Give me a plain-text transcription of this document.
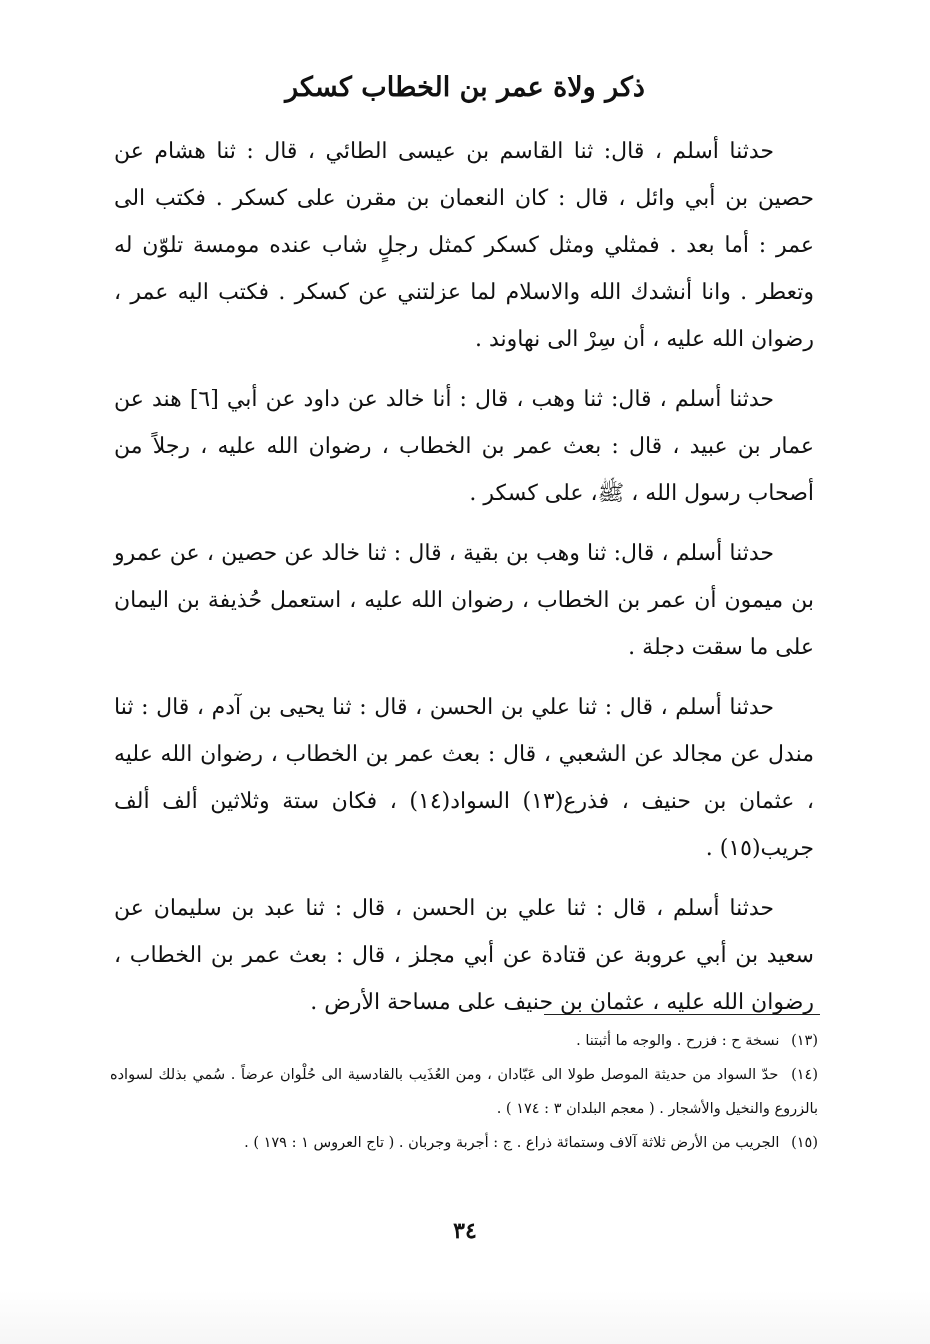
ذكر ولاة عمر بن الخطاب كسكر

حدثنا أسلم ، قال: ثنا القاسم بن عيسى الطائي ، قال : ثنا هشام عن حصين بن أبي وائل ، قال : كان النعمان بن مقرن على كسكر . فكتب الى عمر : أما بعد . فمثلي ومثل كسكر كمثل رجلٍ شاب عنده مومسة تلوّن له وتعطر . وانا أنشدك الله والاسلام لما عزلتني عن كسكر . فكتب اليه عمر ، رضوان الله عليه ، أن سِرْ الى نهاوند .

حدثنا أسلم ، قال: ثنا وهب ، قال : أنا خالد عن داود عن أبي [٦] هند عن عمار بن عبيد ، قال : بعث عمر بن الخطاب ، رضوان الله عليه ، رجلاً من أصحاب رسول الله ، ﷺ، على كسكر .

حدثنا أسلم ، قال: ثنا وهب بن بقية ، قال : ثنا خالد عن حصين ، عن عمرو بن ميمون أن عمر بن الخطاب ، رضوان الله عليه ، استعمل حُذيفة بن اليمان على ما سقت دجلة .

حدثنا أسلم ، قال : ثنا علي بن الحسن ، قال : ثنا يحيى بن آدم ، قال : ثنا مندل عن مجالد عن الشعبي ، قال : بعث عمر بن الخطاب ، رضوان الله عليه ، عثمان بن حنيف ، فذرع(١٣) السواد(١٤) ، فكان ستة وثلاثين ألف ألف جريب(١٥) .

حدثنا أسلم ، قال : ثنا علي بن الحسن ، قال : ثنا عبد بن سليمان عن سعيد بن أبي عروبة عن قتادة عن أبي مجلز ، قال : بعث عمر بن الخطاب ، رضوان الله عليه ، عثمان بن حنيف على مساحة الأرض .

(١٣) نسخة ح : فزرح . والوجه ما أثبتنا .

(١٤) حدّ السواد من حديثة الموصل طولا الى عَبّادان ، ومن العُذَيب بالقادسية الى حُلْوان عرضاً . سُمي بذلك لسواده بالزروع والنخيل والأشجار . ( معجم البلدان ٣ : ١٧٤ ) .

(١٥) الجريب من الأرض ثلاثة آلاف وستمائة ذراع . ج : أجربة وجربان . ( تاج العروس ١ : ١٧٩ ) .

٣٤
